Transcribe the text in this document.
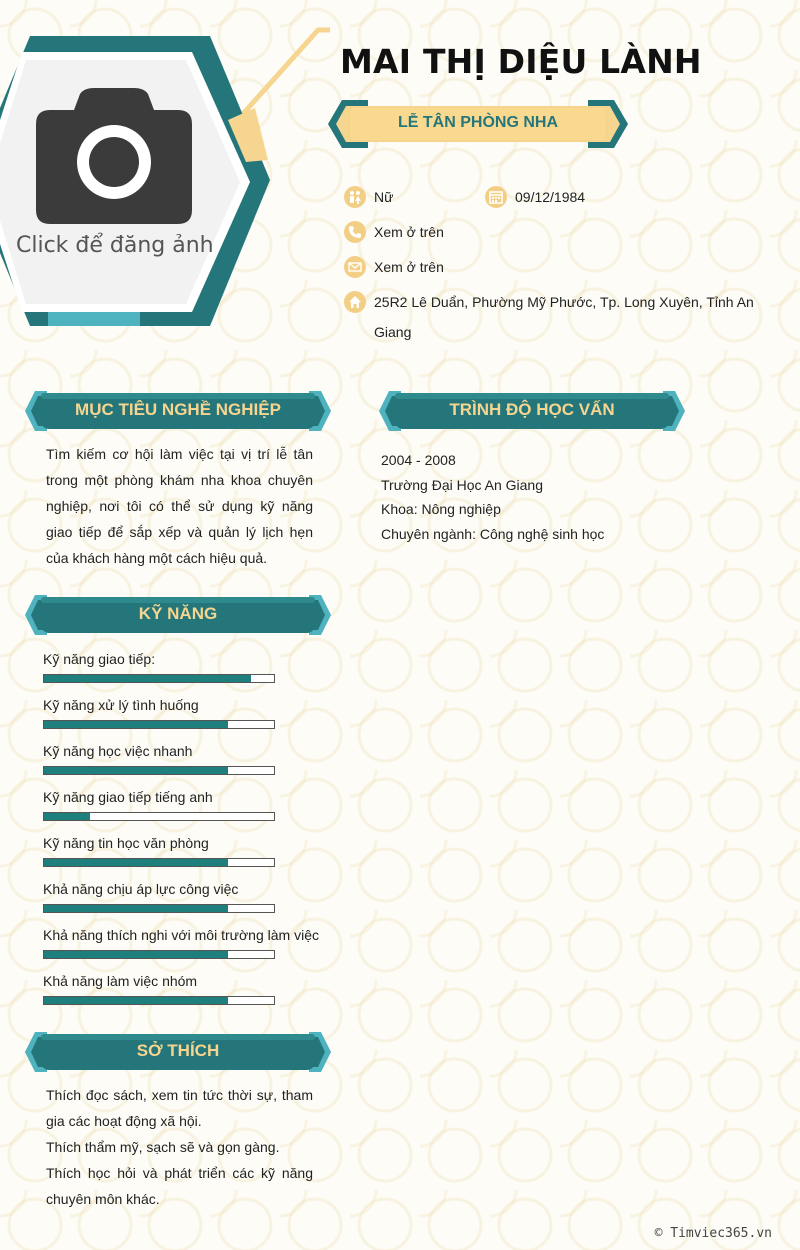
Click để đăng ảnh
MAI THỊ DIỆU LÀNH
LỄ TÂN PHÒNG NHA
Nữ	09/12/1984
Xem ở trên
Xem ở trên
25R2 Lê Duẩn, Phường Mỹ Phước, Tp. Long Xuyên, Tỉnh An
Giang
MỤC TIÊU NGHỀ NGHIỆP	TRÌNH ĐỘ HỌC VẤN
KỸ NĂNG
SỞ THÍCH
Tìm kiếm cơ hội làm việc tại vị trí lễ tân trong một phòng khám nha khoa chuyên nghiệp, nơi tôi có thể sử dụng kỹ năng giao tiếp để sắp xếp và quản lý lịch hẹn của khách hàng một cách hiệu quả.
2004 - 2008
Trường Đại Học An Giang
Khoa: Nông nghiệp
Chuyên ngành: Công nghệ sinh học
Kỹ năng giao tiếp:
Kỹ năng xử lý tình huống
Kỹ năng học việc nhanh
Kỹ năng giao tiếp tiếng anh
Kỹ năng tin học văn phòng
Khả năng chịu áp lực công việc
Khả năng thích nghi với môi trường làm việc
Khả năng làm việc nhóm
Thích đọc sách, xem tin tức thời sự, tham gia các hoạt động xã hội.
Thích thẩm mỹ, sạch sẽ và gọn gàng.
Thích học hỏi và phát triển các kỹ năng chuyên môn khác.
© Timviec365.vn
